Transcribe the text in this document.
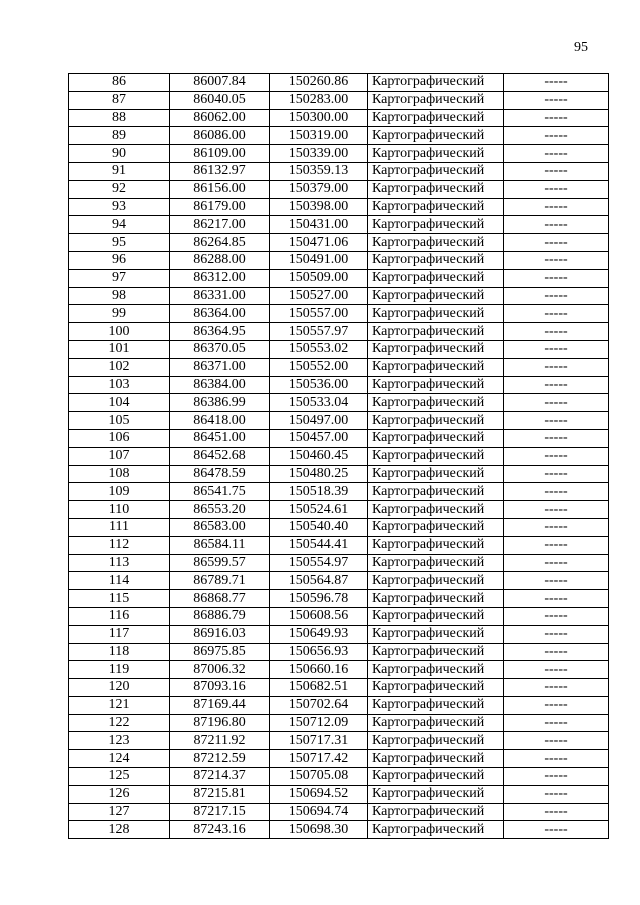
95
86	86007.84	150260.86	Картографический	-----
87	86040.05	150283.00	Картографический	-----
88	86062.00	150300.00	Картографический	-----
89	86086.00	150319.00	Картографический	-----
90	86109.00	150339.00	Картографический	-----
91	86132.97	150359.13	Картографический	-----
92	86156.00	150379.00	Картографический	-----
93	86179.00	150398.00	Картографический	-----
94	86217.00	150431.00	Картографический	-----
95	86264.85	150471.06	Картографический	-----
96	86288.00	150491.00	Картографический	-----
97	86312.00	150509.00	Картографический	-----
98	86331.00	150527.00	Картографический	-----
99	86364.00	150557.00	Картографический	-----
100	86364.95	150557.97	Картографический	-----
101	86370.05	150553.02	Картографический	-----
102	86371.00	150552.00	Картографический	-----
103	86384.00	150536.00	Картографический	-----
104	86386.99	150533.04	Картографический	-----
105	86418.00	150497.00	Картографический	-----
106	86451.00	150457.00	Картографический	-----
107	86452.68	150460.45	Картографический	-----
108	86478.59	150480.25	Картографический	-----
109	86541.75	150518.39	Картографический	-----
110	86553.20	150524.61	Картографический	-----
111	86583.00	150540.40	Картографический	-----
112	86584.11	150544.41	Картографический	-----
113	86599.57	150554.97	Картографический	-----
114	86789.71	150564.87	Картографический	-----
115	86868.77	150596.78	Картографический	-----
116	86886.79	150608.56	Картографический	-----
117	86916.03	150649.93	Картографический	-----
118	86975.85	150656.93	Картографический	-----
119	87006.32	150660.16	Картографический	-----
120	87093.16	150682.51	Картографический	-----
121	87169.44	150702.64	Картографический	-----
122	87196.80	150712.09	Картографический	-----
123	87211.92	150717.31	Картографический	-----
124	87212.59	150717.42	Картографический	-----
125	87214.37	150705.08	Картографический	-----
126	87215.81	150694.52	Картографический	-----
127	87217.15	150694.74	Картографический	-----
128	87243.16	150698.30	Картографический	-----
